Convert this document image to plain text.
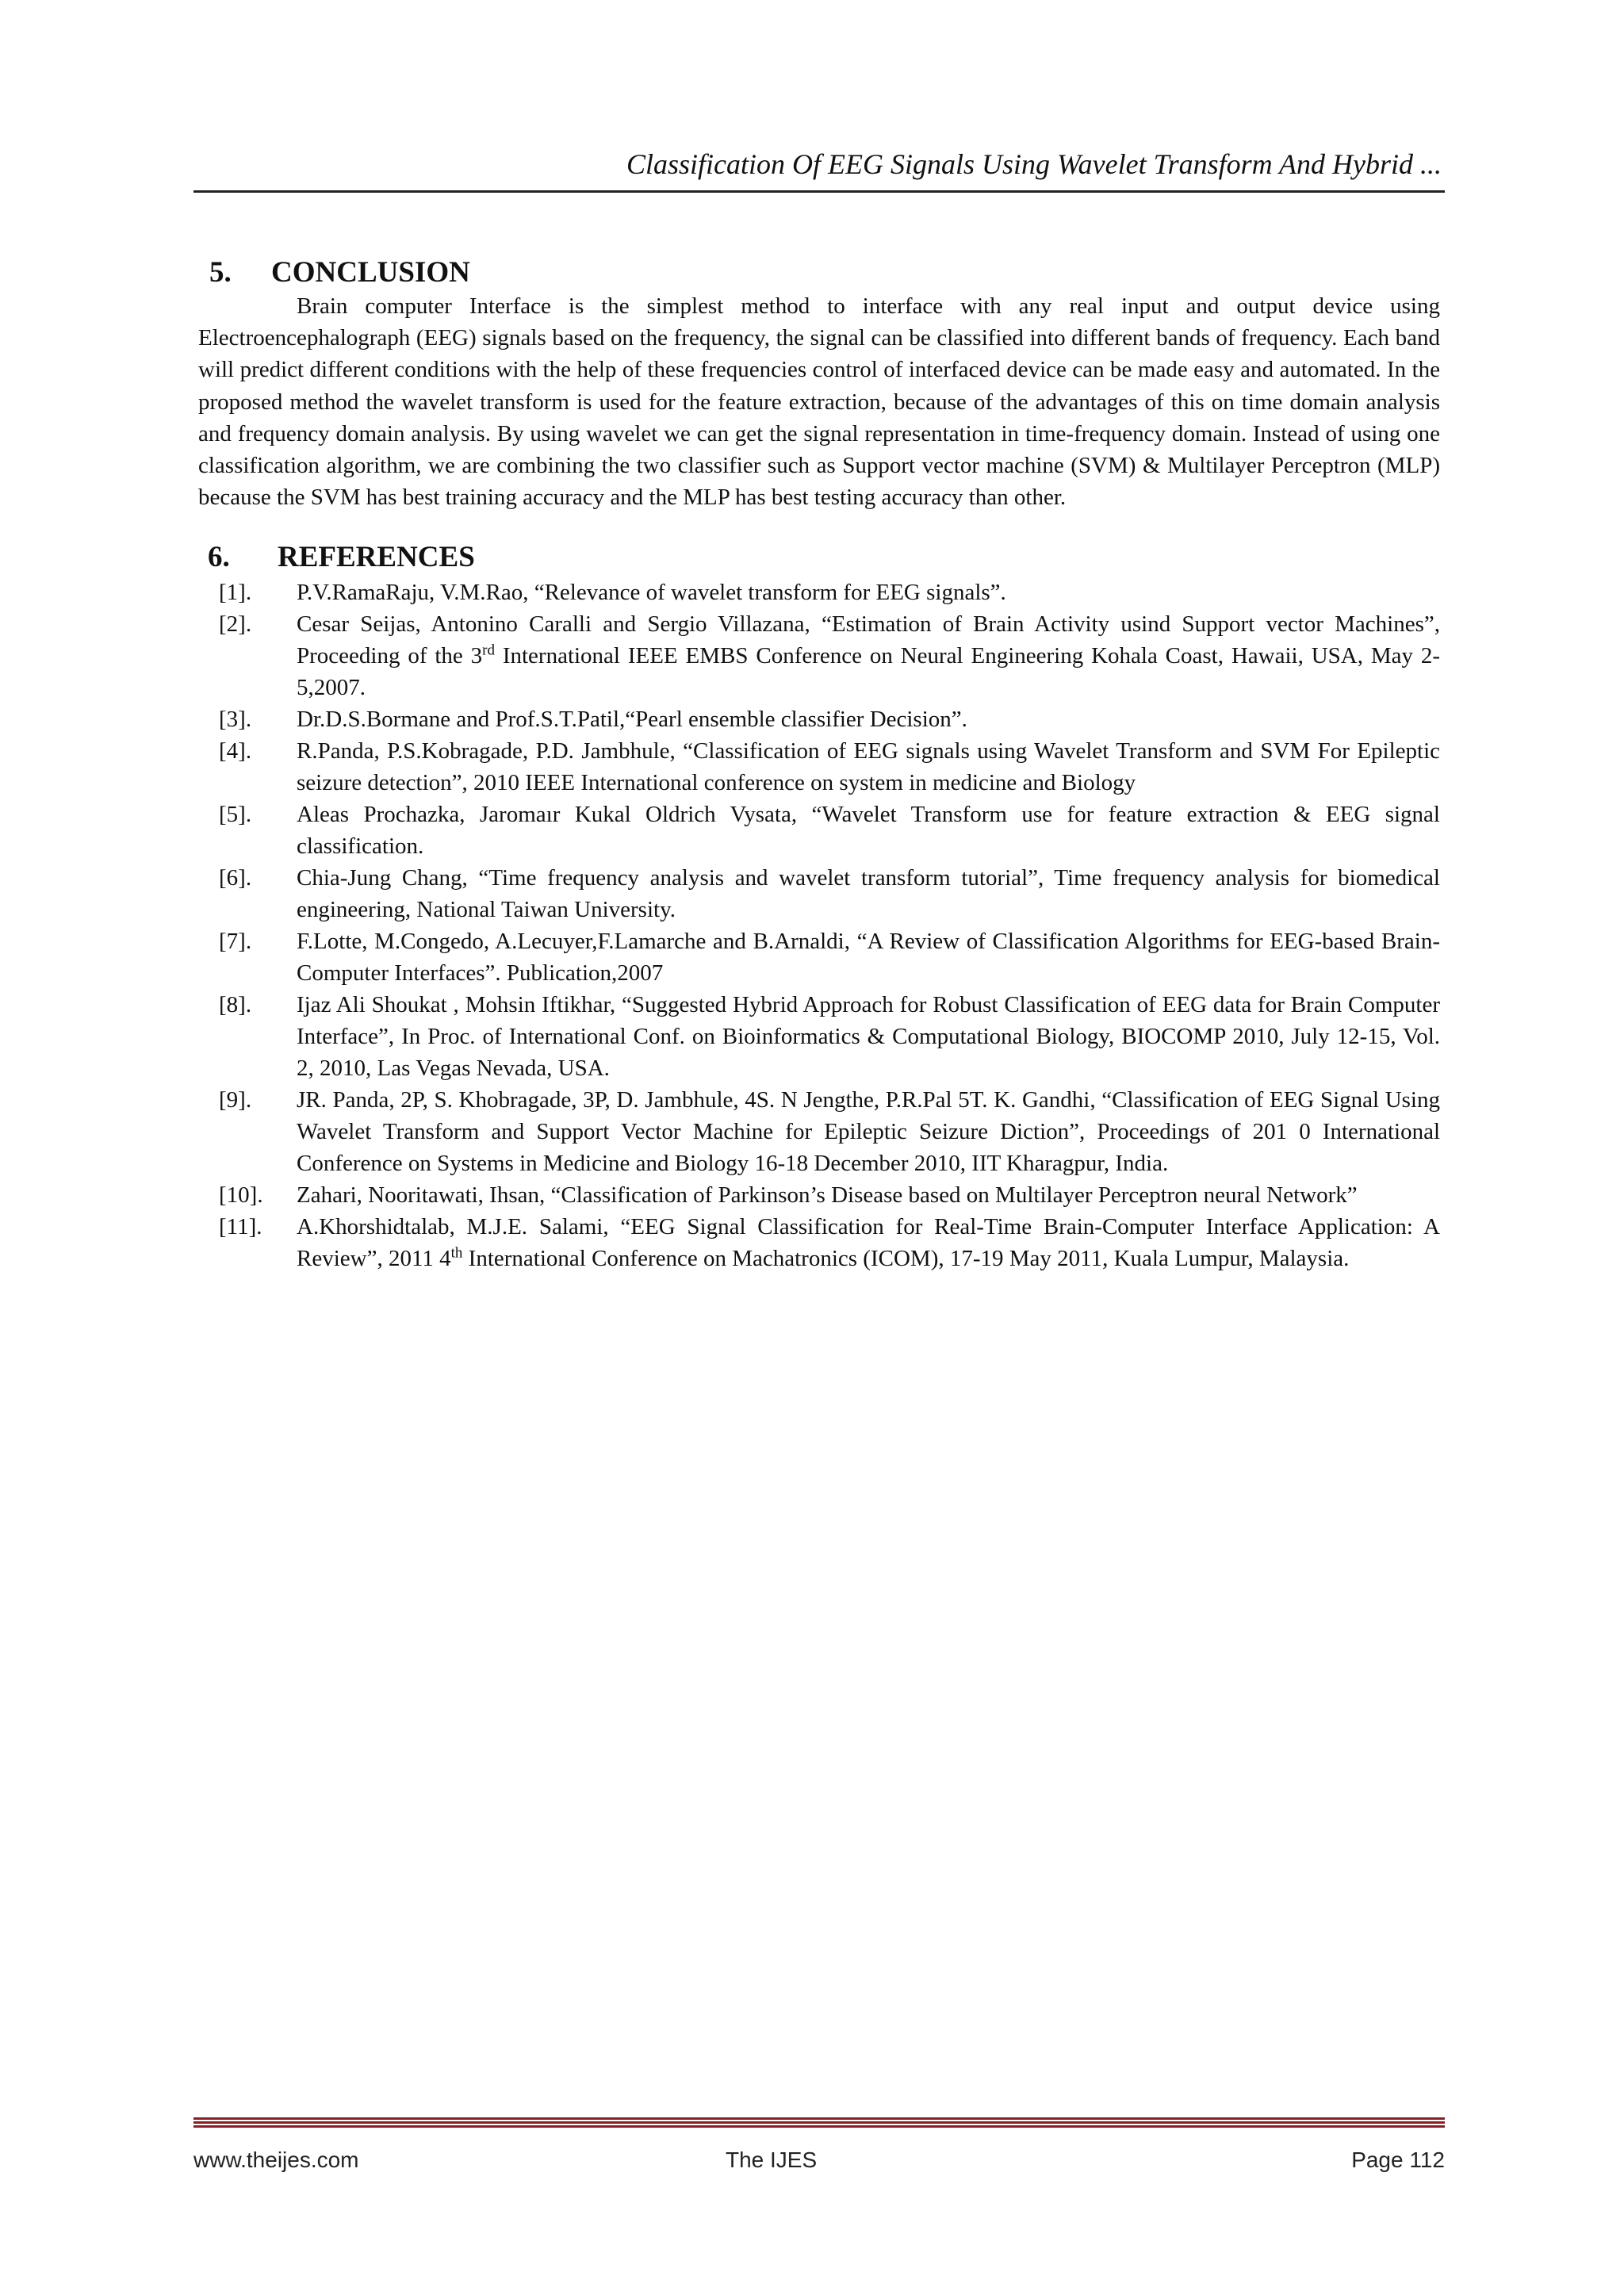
Classification Of EEG Signals Using Wavelet Transform And Hybrid ...
5.	CONCLUSION

Brain computer Interface is the simplest method to interface with any real input and output device using Electroencephalograph (EEG) signals based on the frequency, the signal can be classified into different bands of frequency. Each band will predict different conditions with the help of these frequencies control of interfaced device can be made easy and automated. In the proposed method the wavelet transform is used for the feature extraction, because of the advantages of this on time domain analysis and frequency domain analysis. By using wavelet we can get the signal representation in time-frequency domain. Instead of using one classification algorithm, we are combining the two classifier such as Support vector machine (SVM) & Multilayer Perceptron (MLP) because the SVM has best training accuracy and the MLP has best testing accuracy than other.

6.	REFERENCES
[1].	P.V.RamaRaju, V.M.Rao, “Relevance of wavelet transform for EEG signals”.
[2].	Cesar Seijas, Antonino Caralli and Sergio Villazana, “Estimation of Brain Activity usind Support vector Machines”, Proceeding of the 3rd International IEEE EMBS Conference on Neural Engineering Kohala Coast, Hawaii, USA, May 2-5,2007.
[3].	Dr.D.S.Bormane and Prof.S.T.Patil,“Pearl ensemble classifier Decision”.
[4].	R.Panda, P.S.Kobragade, P.D. Jambhule, “Classification of EEG signals using Wavelet Transform and SVM For Epileptic seizure detection”, 2010 IEEE International conference on system in medicine and Biology
[5].	Aleas Prochazka, Jaromaır Kukal Oldrich Vysata, “Wavelet Transform use for feature extraction & EEG signal classification.
[6].	Chia-Jung Chang, “Time frequency analysis and wavelet transform tutorial”, Time frequency analysis for biomedical engineering, National Taiwan University.
[7].	F.Lotte, M.Congedo, A.Lecuyer,F.Lamarche and B.Arnaldi, “A Review of Classification Algorithms for EEG-based Brain-Computer Interfaces”. Publication,2007
[8].	Ijaz Ali Shoukat , Mohsin Iftikhar, “Suggested Hybrid Approach for Robust Classification of EEG data for Brain Computer Interface”, In Proc. of International Conf. on Bioinformatics & Computational Biology, BIOCOMP 2010, July 12-15, Vol. 2, 2010, Las Vegas Nevada, USA.
[9].	JR. Panda, 2P, S. Khobragade, 3P, D. Jambhule, 4S. N Jengthe, P.R.Pal 5T. K. Gandhi, “Classification of EEG Signal Using Wavelet Transform and Support Vector Machine for Epileptic Seizure Diction”, Proceedings of 201 0 International Conference on Systems in Medicine and Biology 16-18 December 2010, IIT Kharagpur, India.
[10].	Zahari, Nooritawati, Ihsan, “Classification of Parkinson’s Disease based on Multilayer Perceptron neural Network”
[11].	A.Khorshidtalab, M.J.E. Salami, “EEG Signal Classification for Real-Time Brain-Computer Interface Application: A Review”, 2011 4th International Conference on Machatronics (ICOM), 17-19 May 2011, Kuala Lumpur, Malaysia.
www.theijes.com	The IJES	Page 112
